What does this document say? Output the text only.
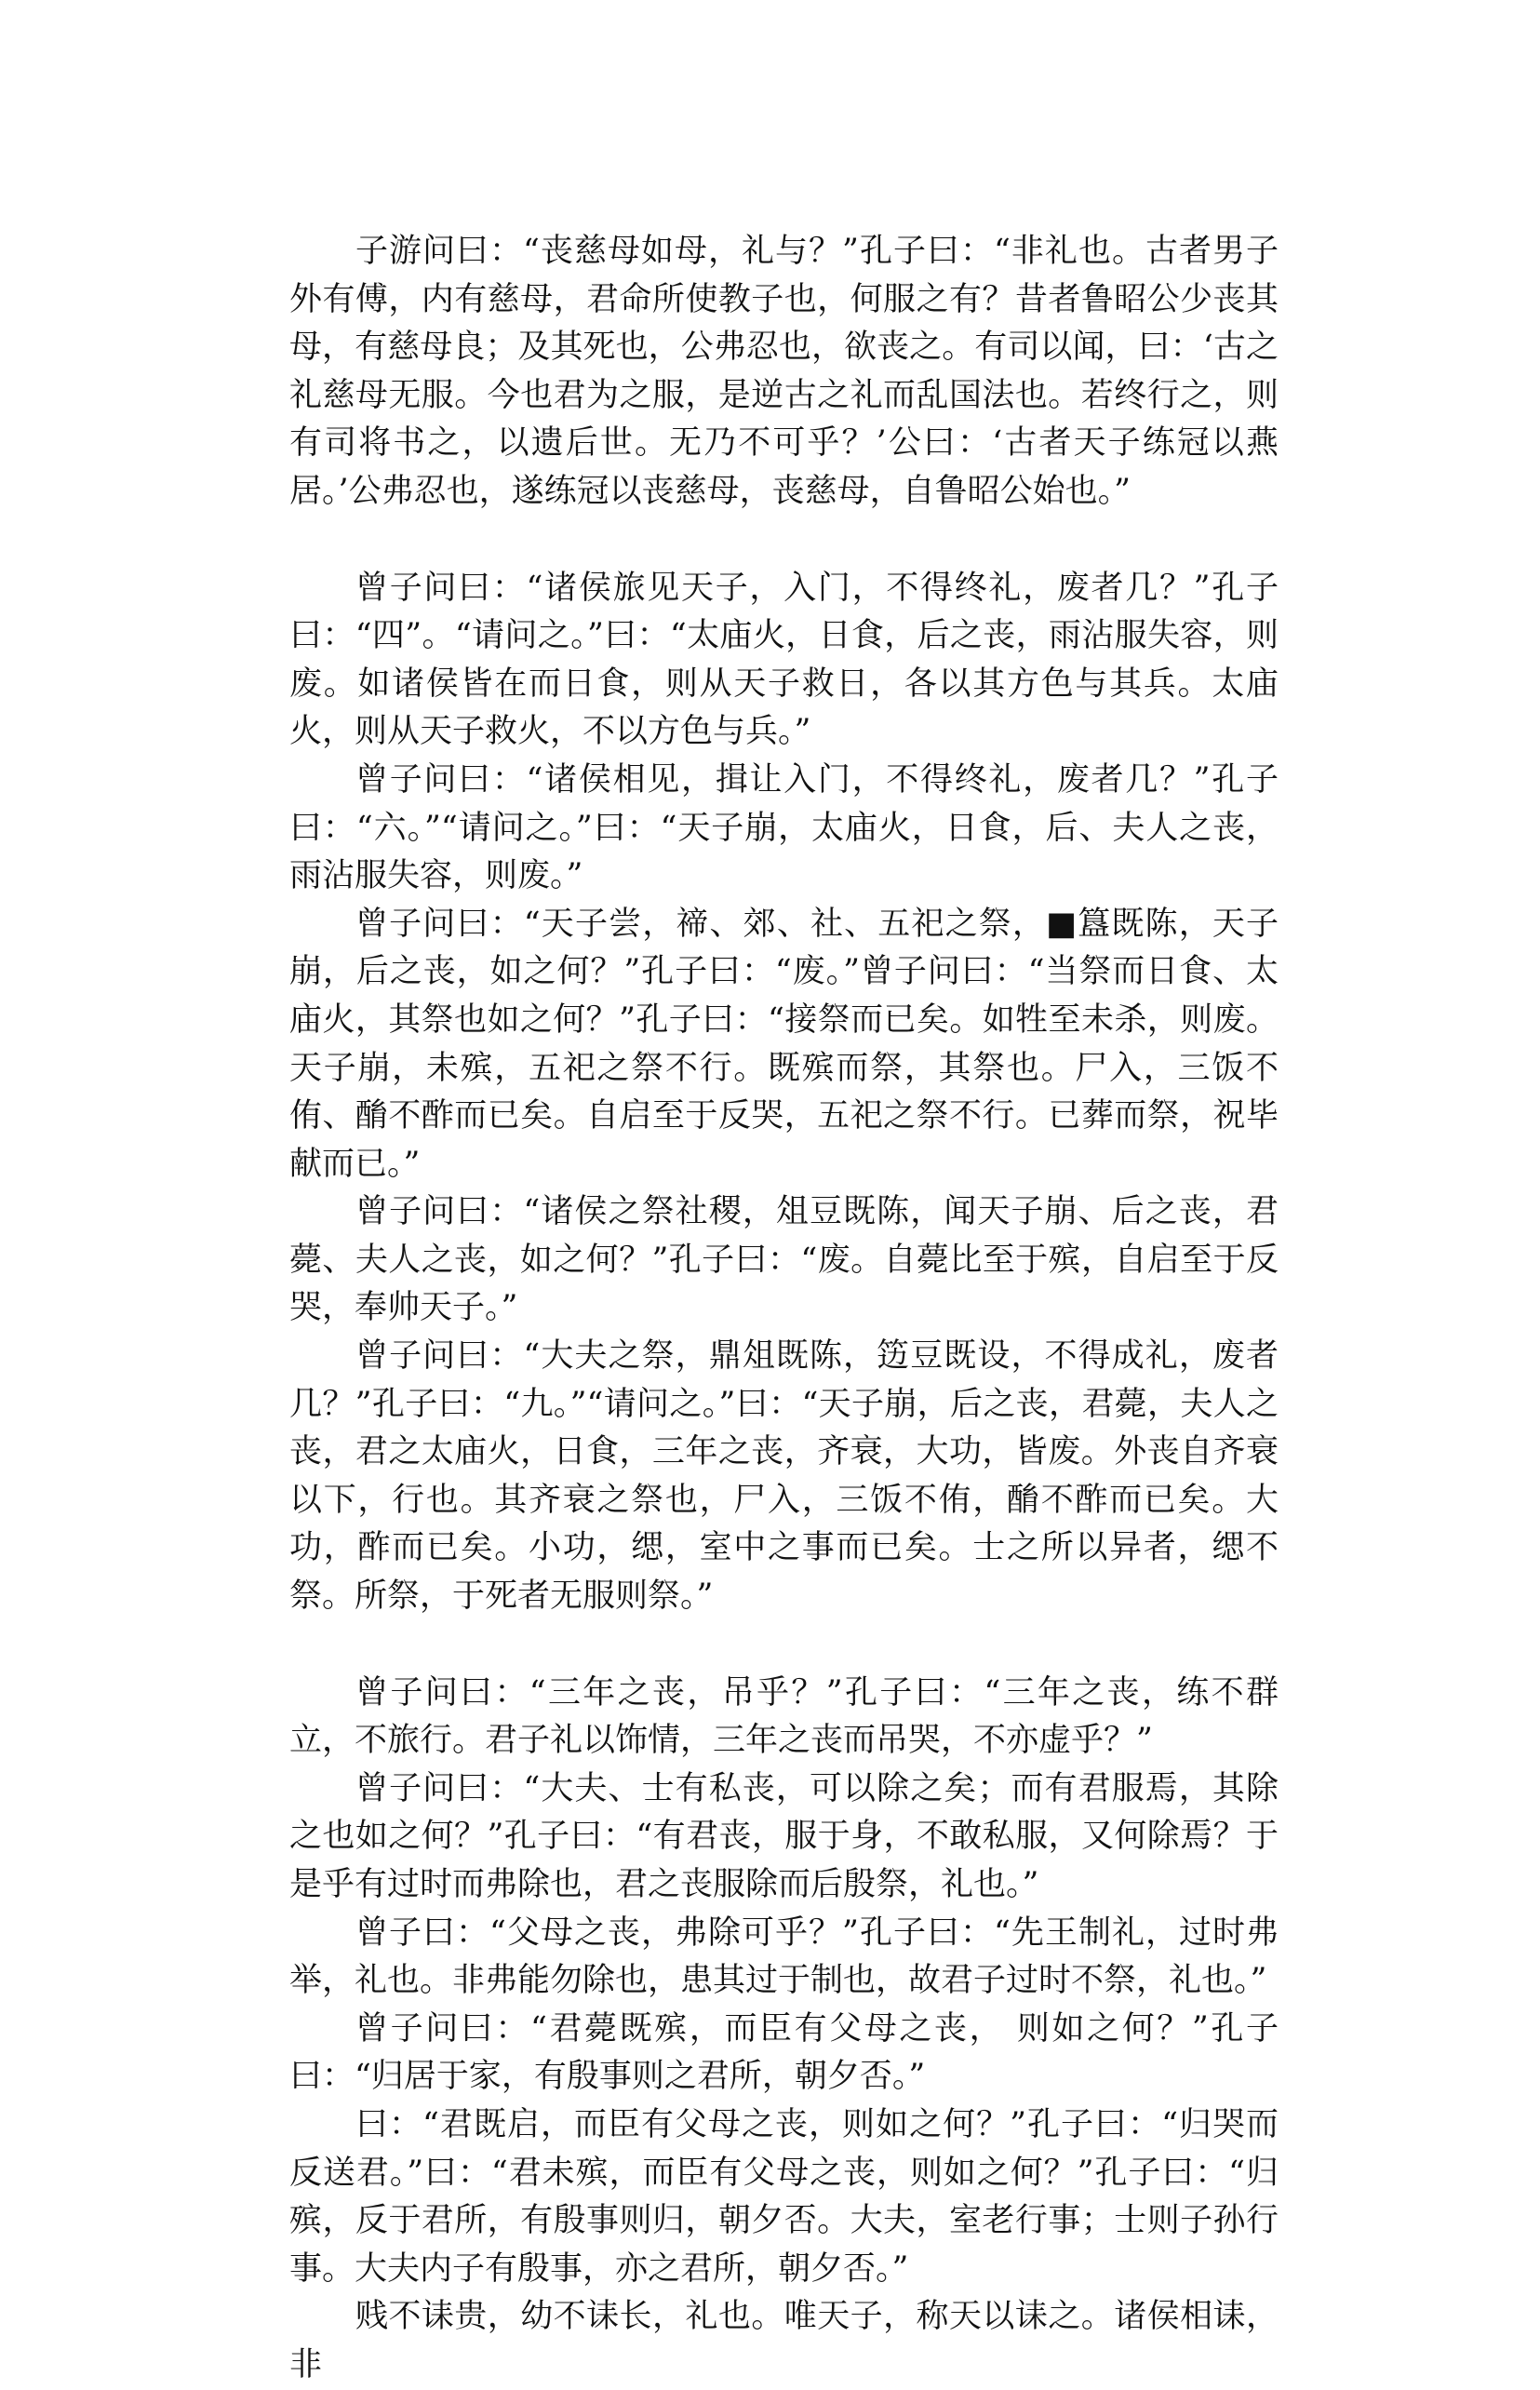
子游问曰：“丧慈母如母，礼与？”孔子曰：“非礼也。古者男子外有傅，内有慈母，君命所使教子也，何服之有？昔者鲁昭公少丧其母，有慈母良；及其死也，公弗忍也，欲丧之。有司以闻，曰：‘古之礼慈母无服。今也君为之服，是逆古之礼而乱国法也。若终行之，则有司将书之，以遗后世。无乃不可乎？’公曰：‘古者天子练冠以燕居。’公弗忍也，遂练冠以丧慈母，丧慈母，自鲁昭公始也。”

曾子问曰：“诸侯旅见天子，入门，不得终礼，废者几？”孔子曰：“四”。“请问之。”曰：“太庙火，日食，后之丧，雨沾服失容，则废。如诸侯皆在而日食，则从天子救日，各以其方色与其兵。太庙火，则从天子救火，不以方色与兵。”

曾子问曰：“诸侯相见，揖让入门，不得终礼，废者几？”孔子曰：“六。”“请问之。”曰：“天子崩，太庙火，日食，后、夫人之丧，雨沾服失容，则废。”

曾子问曰：“天子尝，禘、郊、社、五祀之祭，■簋既陈，天子崩，后之丧，如之何？”孔子曰：“废。”曾子问曰：“当祭而日食、太庙火，其祭也如之何？”孔子曰：“接祭而已矣。如牲至未杀，则废。天子崩，未殡，五祀之祭不行。既殡而祭，其祭也。尸入，三饭不侑、酳不酢而已矣。自启至于反哭，五祀之祭不行。已葬而祭，祝毕献而已。”

曾子问曰：“诸侯之祭社稷，俎豆既陈，闻天子崩、后之丧，君薨、夫人之丧，如之何？”孔子曰：“废。自薨比至于殡，自启至于反哭，奉帅天子。”

曾子问曰：“大夫之祭，鼎俎既陈，笾豆既设，不得成礼，废者几？”孔子曰：“九。”“请问之。”曰：“天子崩，后之丧，君薨，夫人之丧，君之太庙火，日食，三年之丧，齐衰，大功，皆废。外丧自齐衰以下，行也。其齐衰之祭也，尸入，三饭不侑，酳不酢而已矣。大功，酢而已矣。小功，缌，室中之事而已矣。士之所以异者，缌不祭。所祭，于死者无服则祭。”

曾子问曰：“三年之丧，吊乎？”孔子曰：“三年之丧，练不群立，不旅行。君子礼以饰情，三年之丧而吊哭，不亦虚乎？”

曾子问曰：“大夫、士有私丧，可以除之矣；而有君服焉，其除之也如之何？”孔子曰：“有君丧，服于身，不敢私服，又何除焉？于是乎有过时而弗除也，君之丧服除而后殷祭，礼也。”

曾子曰：“父母之丧，弗除可乎？”孔子曰：“先王制礼，过时弗举，礼也。非弗能勿除也，患其过于制也，故君子过时不祭，礼也。”

曾子问曰：“君薨既殡，而臣有父母之丧， 则如之何？”孔子曰：“归居于家，有殷事则之君所，朝夕否。”

曰：“君既启，而臣有父母之丧，则如之何？”孔子曰：“归哭而反送君。”曰：“君未殡，而臣有父母之丧，则如之何？”孔子曰：“归殡，反于君所，有殷事则归，朝夕否。大夫，室老行事；士则子孙行事。大夫内子有殷事，亦之君所，朝夕否。”

贱不诔贵，幼不诔长，礼也。唯天子，称天以诔之。诸侯相诔，非
